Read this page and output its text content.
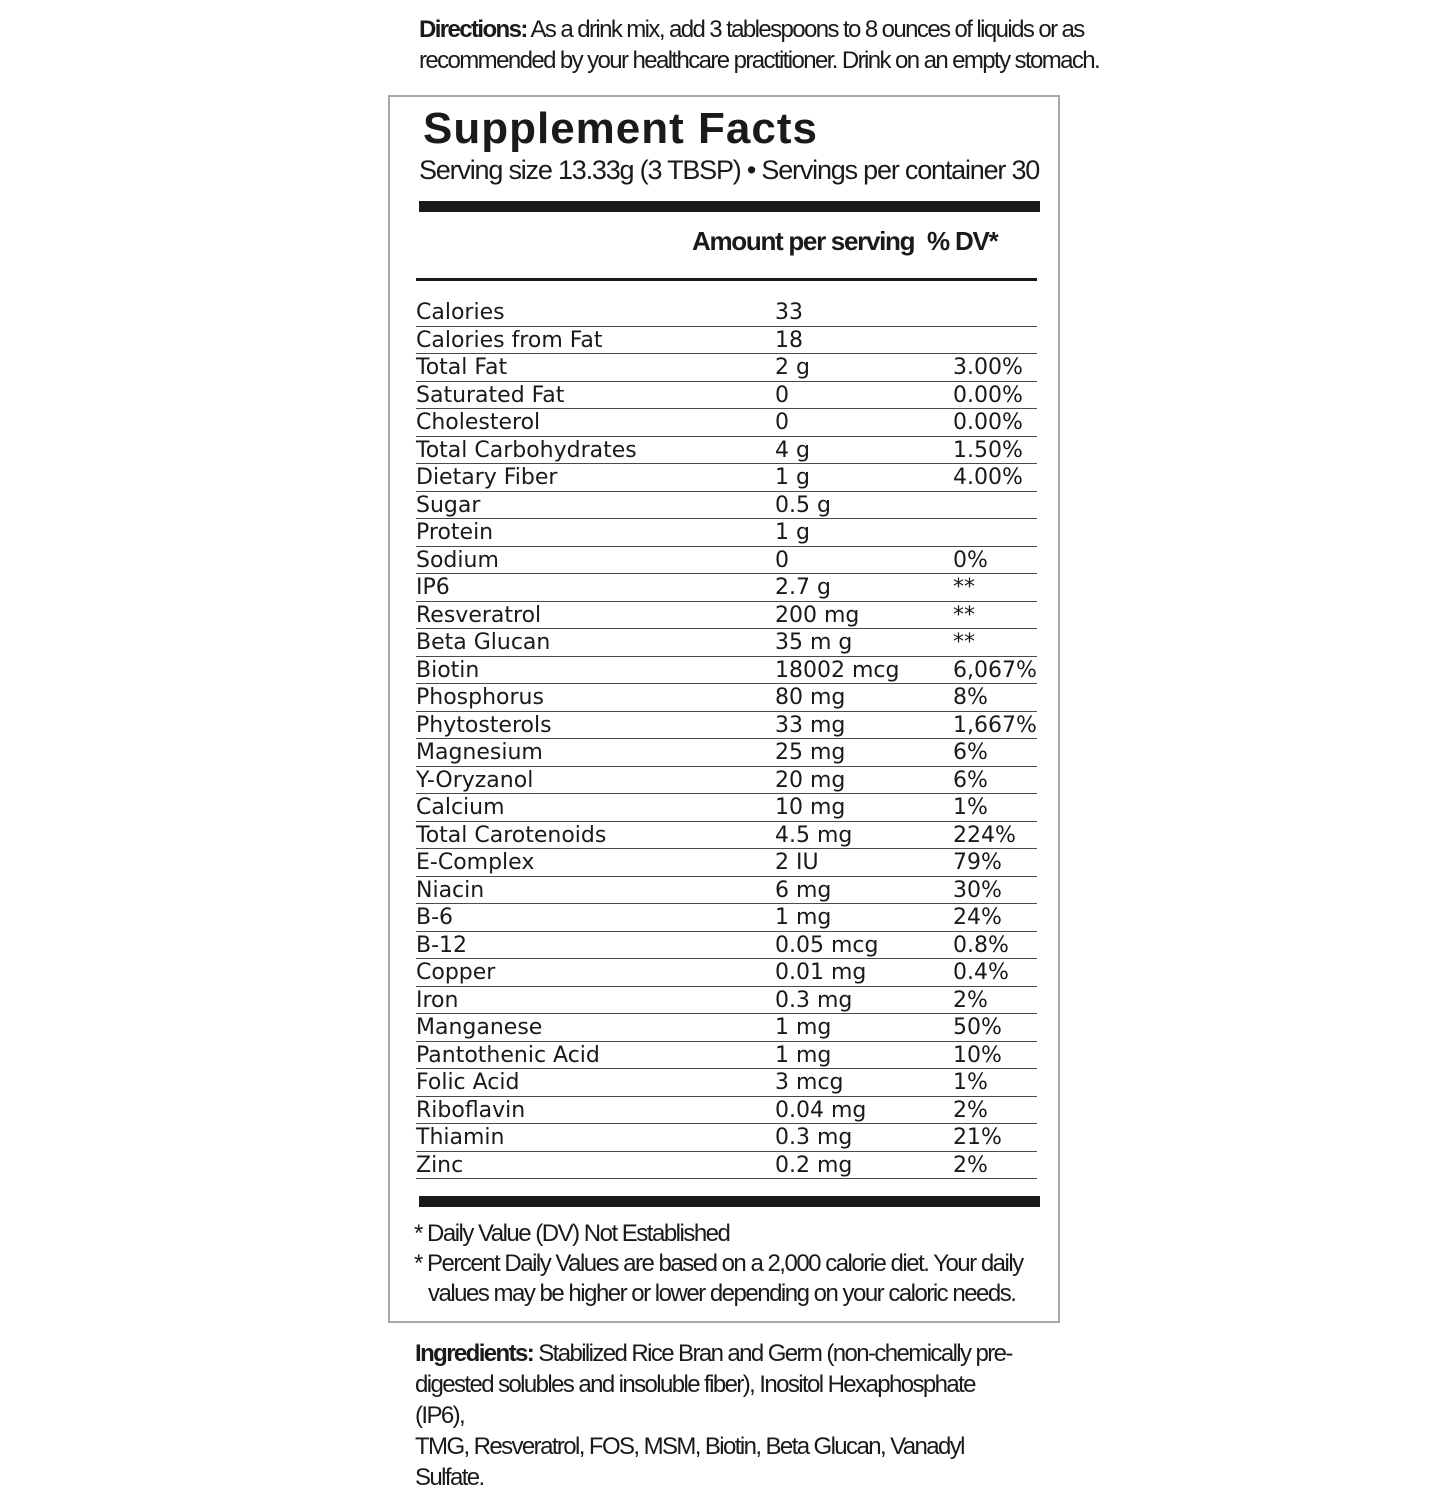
Directions: As a drink mix, add 3 tablespoons to 8 ounces of liquids or as
recommended by your healthcare practitioner. Drink on an empty stomach.
Supplement Facts
Serving size 13.33g (3 TBSP) • Servings per container 30
Amount per serving % DV*
Calories	33
Calories from Fat	18
Total Fat	2 g	3.00%
Saturated Fat	0	0.00%
Cholesterol	0	0.00%
Total Carbohydrates	4 g	1.50%
Dietary Fiber	1 g	4.00%
Sugar	0.5 g
Protein	1 g
Sodium	0	0%
IP6	2.7 g	**
Resveratrol	200 mg	**
Beta Glucan	35 m g	**
Biotin	18002 mcg 6,067%
Phosphorus	80 mg	8%
Phytosterols	33 mg	1,667%
Magnesium	25 mg	6%
Y-Oryzanol	20 mg	6%
Calcium	10 mg	1%
Total Carotenoids	4.5 mg	224%
E-Complex	2 IU	79%
Niacin	6 mg	30%
B-6	1 mg	24%
B-12	0.05 mcg	0.8%
Copper	0.01 mg	0.4%
Iron	0.3 mg	2%
Manganese	1 mg	50%
Pantothenic Acid	1 mg	10%
Folic Acid	3 mcg	1%
Riboflavin	0.04 mg	2%
Thiamin	0.3 mg	21%
Zinc	0.2 mg	2%
* Daily Value (DV) Not Established
* Percent Daily Values are based on a 2,000 calorie diet. Your daily
values may be higher or lower depending on your caloric needs.
Ingredients: Stabilized Rice Bran and Germ (non-chemically pre-
digested solubles and insoluble fiber), Inositol Hexaphosphate (IP6),
TMG, Resveratrol, FOS, MSM, Biotin, Beta Glucan, Vanadyl Sulfate.
